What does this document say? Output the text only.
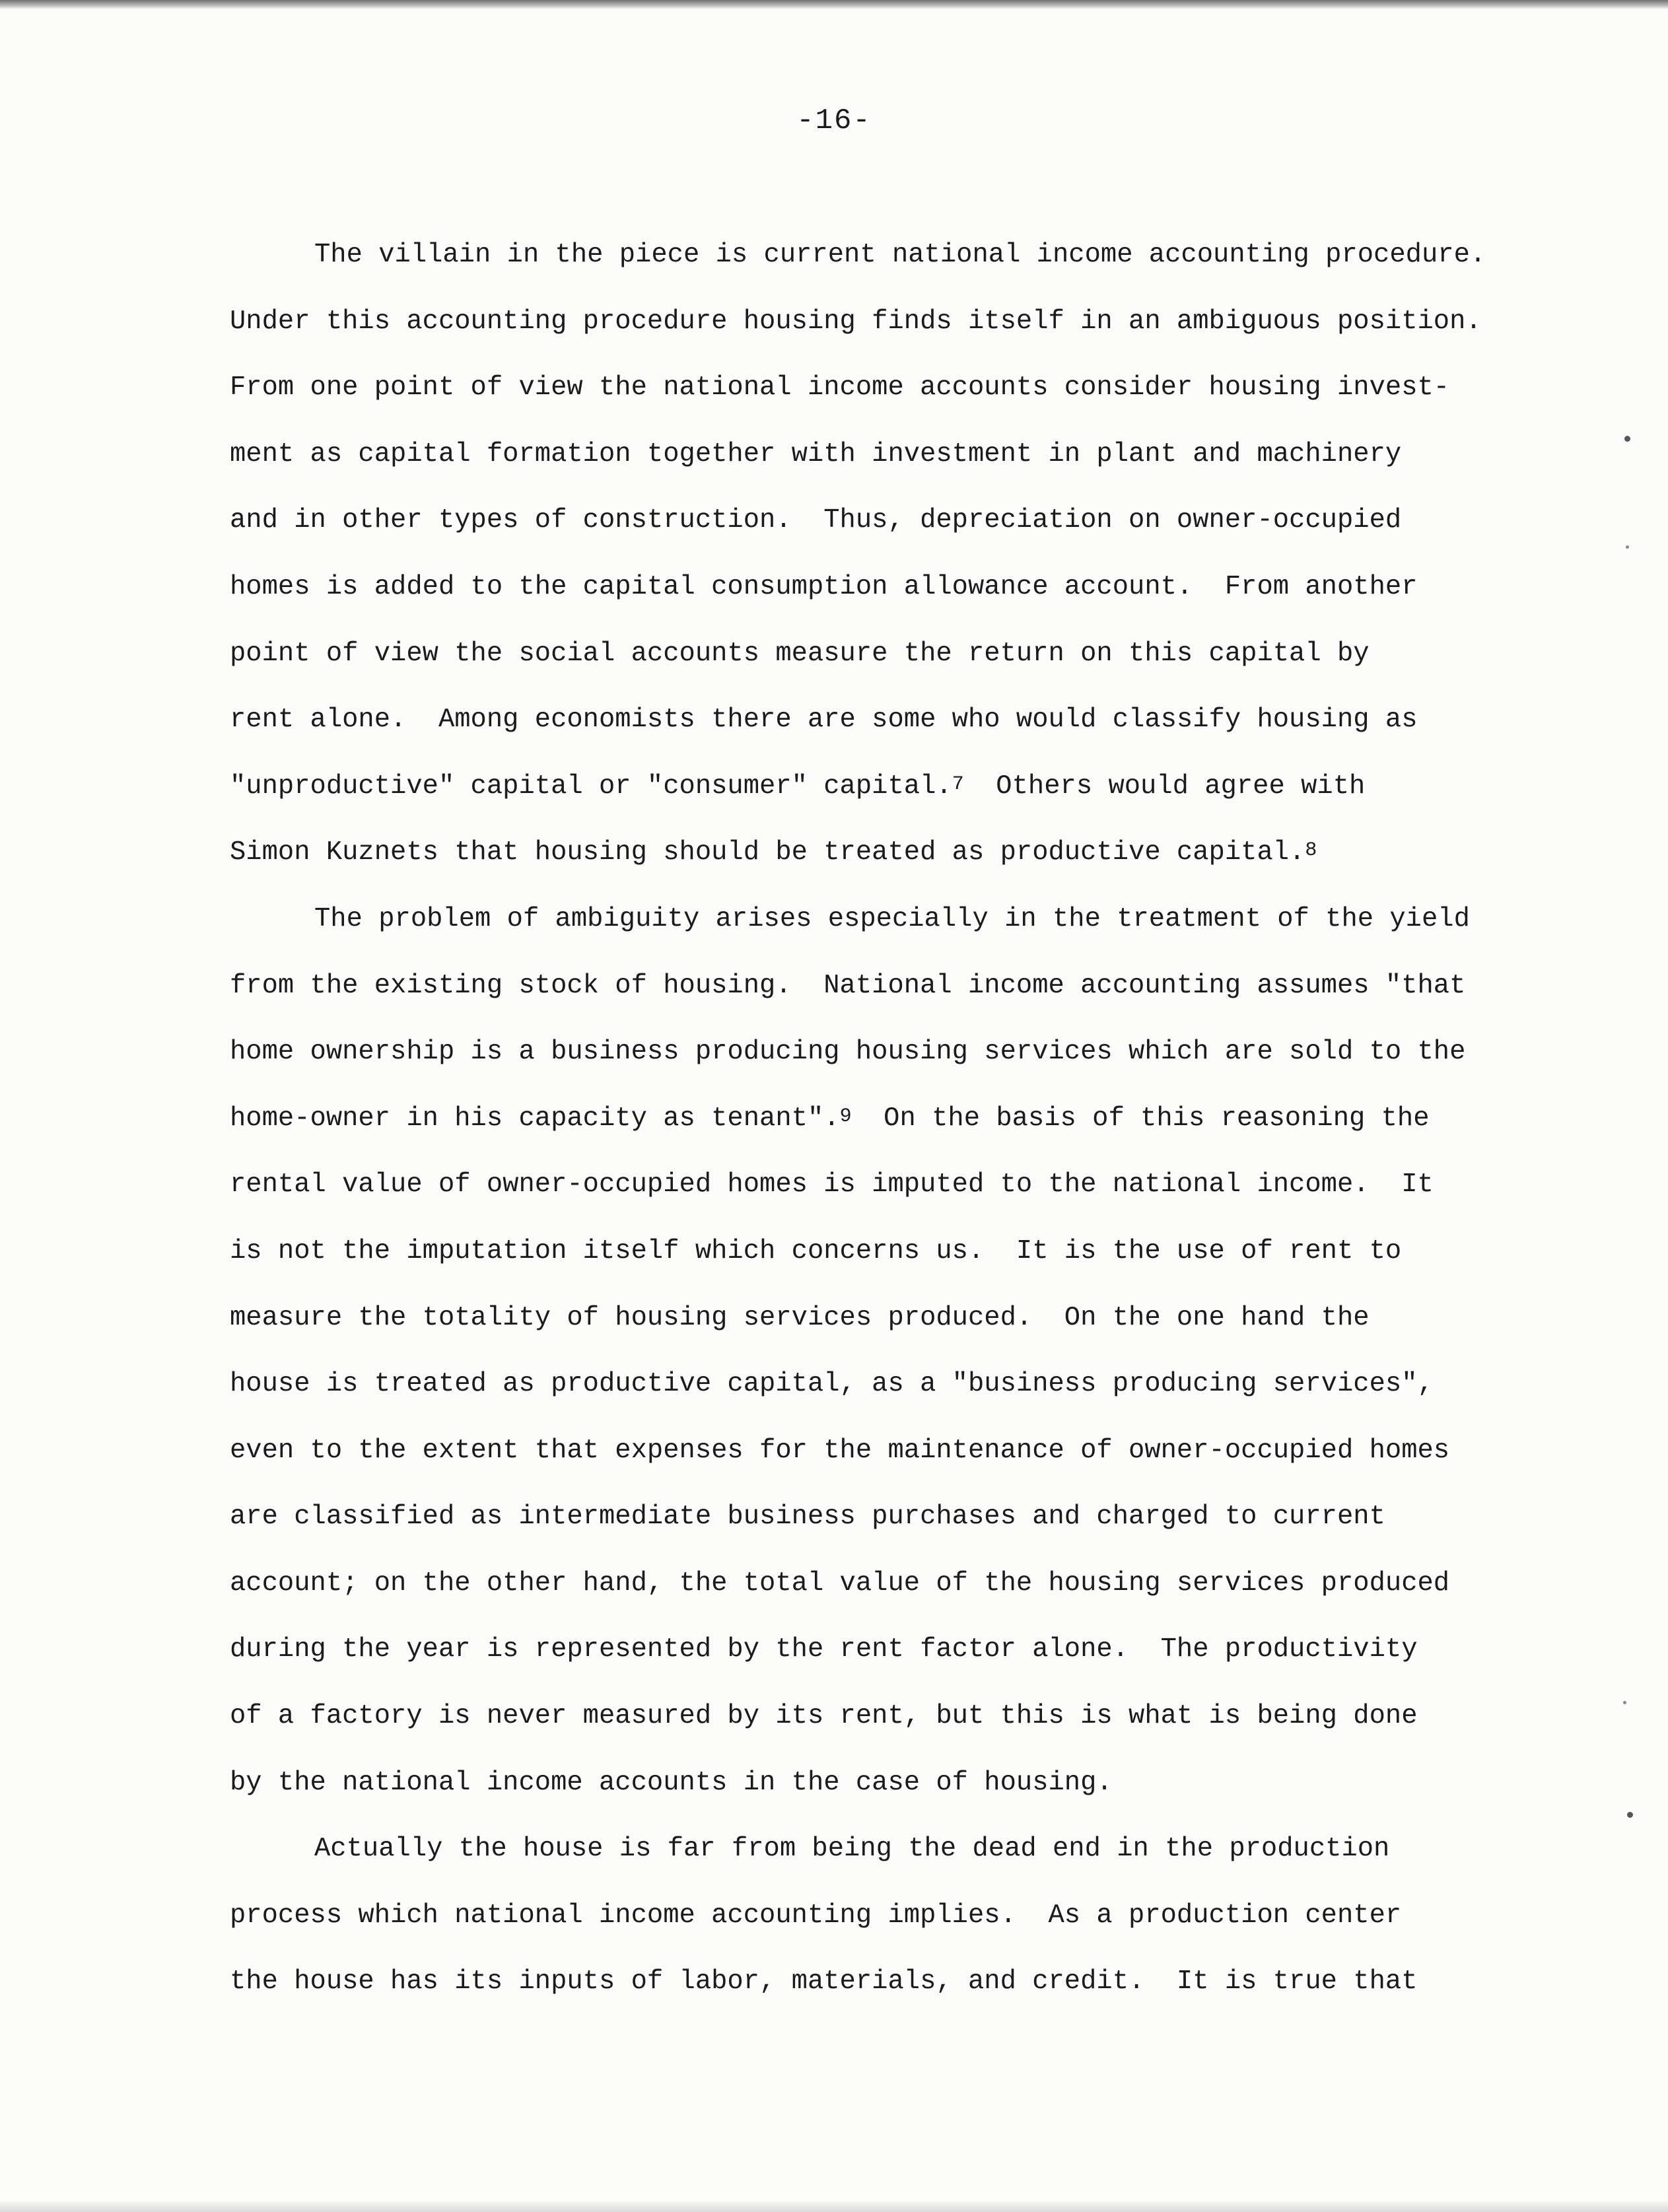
-16-
The villain in the piece is current national income accounting procedure.
Under this accounting procedure housing finds itself in an ambiguous position.
From one point of view the national income accounts consider housing invest-
ment as capital formation together with investment in plant and machinery
and in other types of construction.  Thus, depreciation on owner-occupied
homes is added to the capital consumption allowance account.  From another
point of view the social accounts measure the return on this capital by
rent alone.  Among economists there are some who would classify housing as
"unproductive" capital or "consumer" capital.$^7$  Others would agree with
Simon Kuznets that housing should be treated as productive capital.$^8$
The problem of ambiguity arises especially in the treatment of the yield
from the existing stock of housing.  National income accounting assumes "that
home ownership is a business producing housing services which are sold to the
home-owner in his capacity as tenant".$^9$  On the basis of this reasoning the
rental value of owner-occupied homes is imputed to the national income.  It
is not the imputation itself which concerns us.  It is the use of rent to
measure the totality of housing services produced.  On the one hand the
house is treated as productive capital, as a "business producing services",
even to the extent that expenses for the maintenance of owner-occupied homes
are classified as intermediate business purchases and charged to current
account; on the other hand, the total value of the housing services produced
during the year is represented by the rent factor alone.  The productivity
of a factory is never measured by its rent, but this is what is being done
by the national income accounts in the case of housing.
Actually the house is far from being the dead end in the production
process which national income accounting implies.  As a production center
the house has its inputs of labor, materials, and credit.  It is true that
